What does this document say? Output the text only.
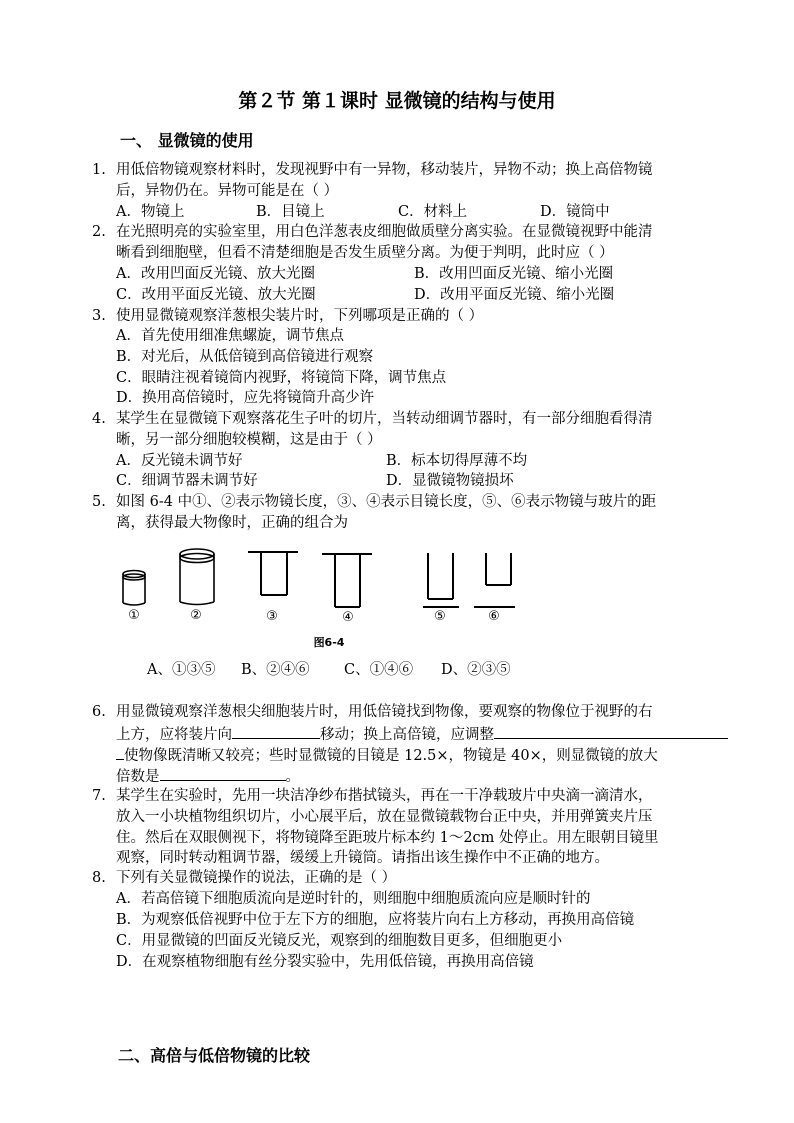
第２节 第１课时 显微镜的结构与使用
一、 显微镜的使用
1. 用低倍物镜观察材料时，发现视野中有一异物，移动装片，异物不动；换上高倍物镜
后，异物仍在。异物可能是在（ ）
A．物镜上	B．目镜上	C．材料上	D．镜筒中
2. 在光照明亮的实验室里，用白色洋葱表皮细胞做质壁分离实验。在显微镜视野中能清
晰看到细胞壁，但看不清楚细胞是否发生质壁分离。为便于判明，此时应（ ）
A．改用凹面反光镜、放大光圈	B．改用凹面反光镜、缩小光圈
C．改用平面反光镜、放大光圈	D．改用平面反光镜、缩小光圈
3. 使用显微镜观察洋葱根尖装片时，下列哪项是正确的（ ）
A．首先使用细准焦螺旋，调节焦点
B．对光后，从低倍镜到高倍镜进行观察
C．眼睛注视着镜筒内视野，将镜筒下降，调节焦点
D．换用高倍镜时，应先将镜筒升高少许
4. 某学生在显微镜下观察落花生子叶的切片，当转动细调节器时，有一部分细胞看得清
晰，另一部分细胞较模糊，这是由于（ ）
A．反光镜未调节好	B．标本切得厚薄不均
C．细调节器未调节好	D．显微镜物镜损坏
5. 如图 6-4 中①、②表示物镜长度，③、④表示目镜长度，⑤、⑥表示物镜与玻片的距
离，获得最大物像时，正确的组合为
①	②	③	④	⑤	⑥
图6-4
A、①③⑤ B、②④⑥ C、①④⑥ D、②③⑤
6. 用显微镜观察洋葱根尖细胞装片时，用低倍镜找到物像，要观察的物像位于视野的右
上方，应将装片向	移动；换上高倍镜，应调整
使物像既清晰又较亮；些时显微镜的目镜是 12.5×，物镜是 40×，则显微镜的放大
倍数是	。
7. 某学生在实验时，先用一块洁净纱布揩拭镜头，再在一干净载玻片中央滴一滴清水，
放入一小块植物组织切片，小心展平后，放在显微镜载物台正中央，并用弹簧夹片压
住。然后在双眼侧视下，将物镜降至距玻片标本约 1～2cm 处停止。用左眼朝目镜里
观察，同时转动粗调节器，缓缓上升镜筒。请指出该生操作中不正确的地方。
8. 下列有关显微镜操作的说法，正确的是（ ）
A．若高倍镜下细胞质流向是逆时针的，则细胞中细胞质流向应是顺时针的
B．为观察低倍视野中位于左下方的细胞，应将装片向右上方移动，再换用高倍镜
C．用显微镜的凹面反光镜反光，观察到的细胞数目更多，但细胞更小
D．在观察植物细胞有丝分裂实验中，先用低倍镜，再换用高倍镜
二、高倍与低倍物镜的比较
